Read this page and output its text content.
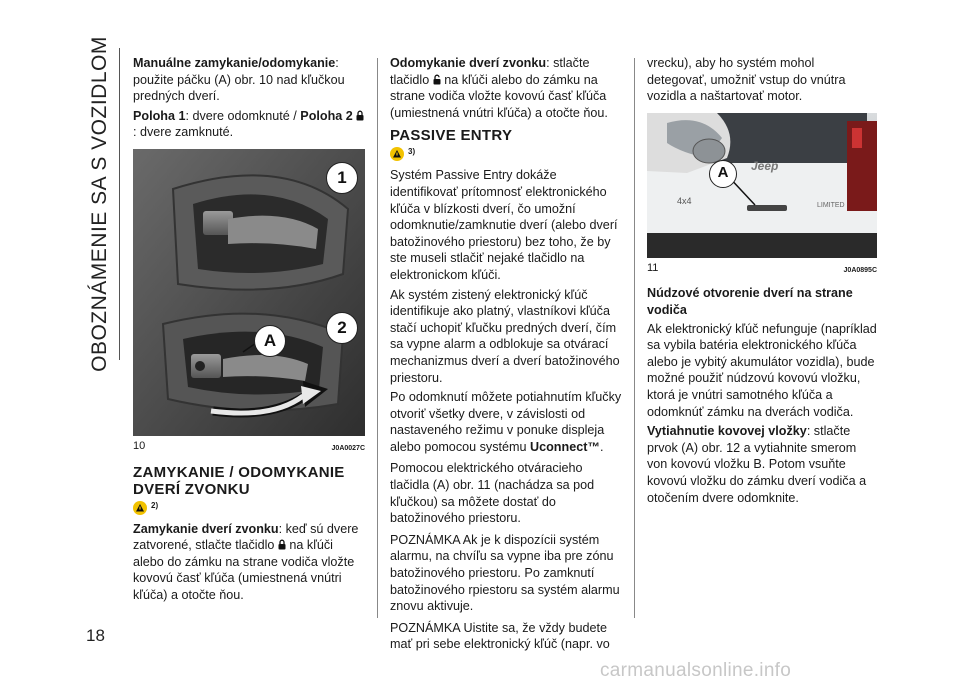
OBOZNÁMENIE SA S VOZIDLOM
18

Manuálne zamykanie/odomykanie: použite páčku (A) obr. 10 nad kľučkou predných dverí.

Poloha 1: dvere odomknuté / Poloha 2 : dvere zamknuté.

1
2
A
10	J0A0027C
ZAMYKANIE / ODOMYKANIE DVERÍ ZVONKU
2)

Zamykanie dverí zvonku: keď sú dvere zatvorené, stlačte tlačidlo na kľúči alebo do zámku na strane vodiča vložte kovovú časť kľúča (umiestnená vnútri kľúča) a otočte ňou.

Odomykanie dverí zvonku: stlačte tlačidlo na kľúči alebo do zámku na strane vodiča vložte kovovú časť kľúča (umiestnená vnútri kľúča) a otočte ňou.

PASSIVE ENTRY
3)

Systém Passive Entry dokáže identifikovať prítomnosť elektronického kľúča v blízkosti dverí, čo umožní odomknutie/zamknutie dverí (alebo dverí batožinového priestoru) bez toho, že by ste museli stlačiť nejaké tlačidlo na elektronickom kľúči.

Ak systém zistený elektronický kľúč identifikuje ako platný, vlastníkovi kľúča stačí uchopiť kľučku predných dverí, čím sa vypne alarm a odblokuje sa otvárací mechanizmus dverí a dverí batožinového priestoru.

Po odomknutí môžete potiahnutím kľučky otvoriť všetky dvere, v závislosti od nastaveného režimu v ponuke displeja alebo pomocou systému Uconnect™.

Pomocou elektrického otváracieho tlačidla (A) obr. 11 (nachádza sa pod kľučkou) sa môžete dostať do batožinového priestoru.

POZNÁMKA Ak je k dispozícii systém alarmu, na chvíľu sa vypne iba pre zónu batožinového priestoru. Po zamknutí batožinového rpiestoru sa systém alarmu znovu aktivuje.

POZNÁMKA Uistite sa, že vždy budete mať pri sebe elektronický kľúč (napr. vo

vrecku), aby ho systém mohol detegovať, umožniť vstup do vnútra vozidla a naštartovať motor.

Jeep
4x4	LIMITED
A
11	J0A0895C
Núdzové otvorenie dverí na strane vodiča

Ak elektronický kľúč nefunguje (napríklad sa vybila batéria elektronického kľúča alebo je vybitý akumulátor vozidla), bude možné použiť núdzovú kovovú vložku, ktorá je vnútri samotného kľúča a odomknúť zámku na dverách vodiča.

Vytiahnutie kovovej vložky: stlačte prvok (A) obr. 12 a vytiahnite smerom von kovovú vložku B. Potom vsuňte kovovú vložku do zámku dverí vodiča a otočením dvere odomknite.

carmanualsonline.info
